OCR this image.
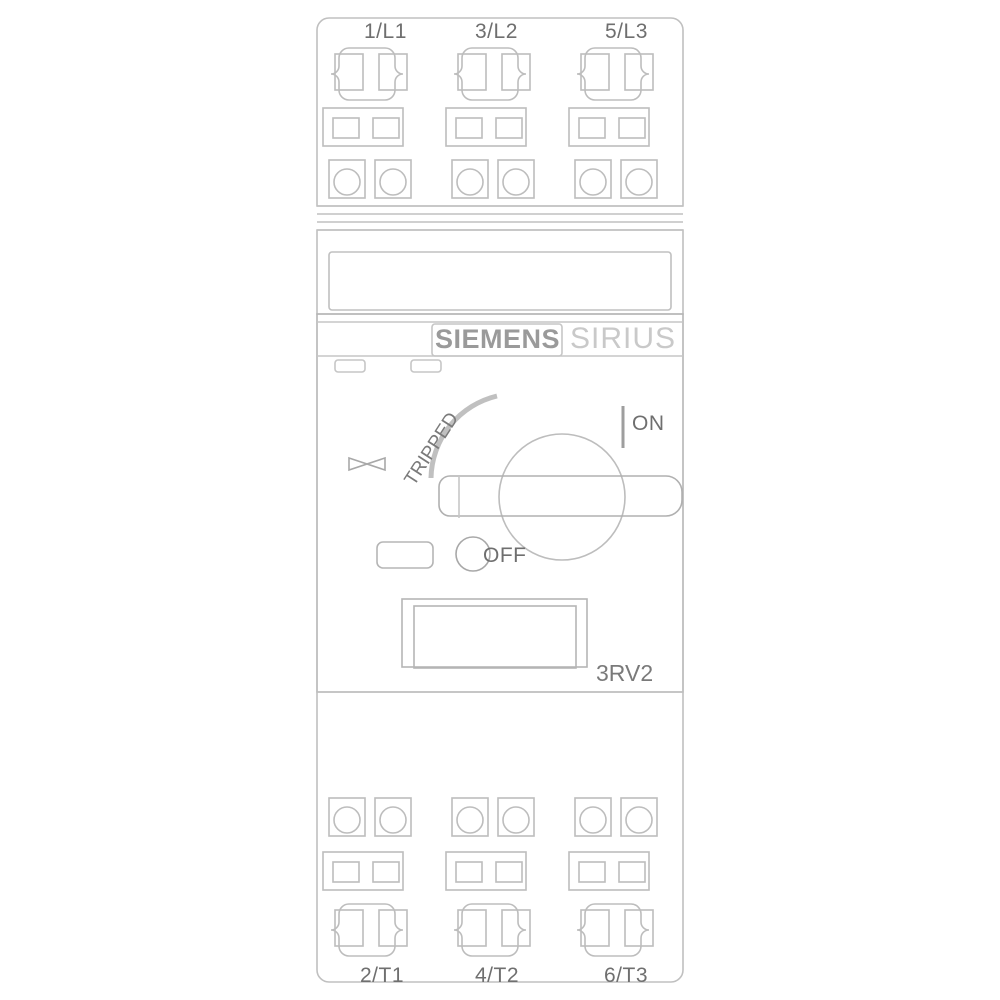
1/L1	3/L2	5/L3
SIEMENS SIRIUS
TRIPPED	ON
OFF
3RV2
2/T1	4/T2	6/T3
